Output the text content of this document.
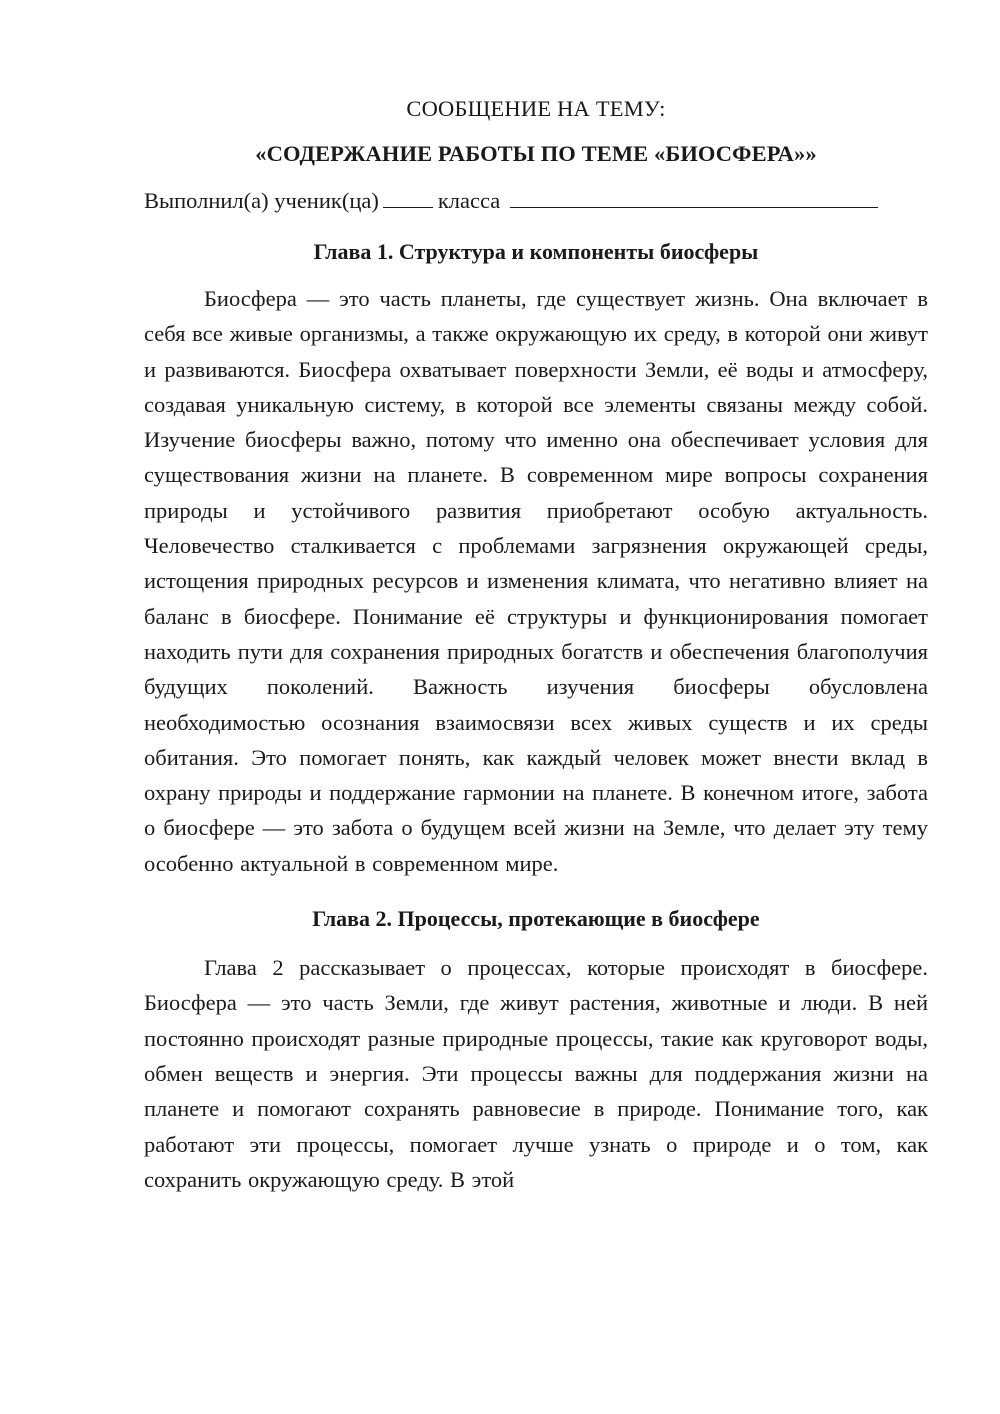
СООБЩЕНИЕ НА ТЕМУ:

«СОДЕРЖАНИЕ РАБОТЫ ПО ТЕМЕ «БИОСФЕРА»»

Выполнил(а) ученик(ца)	класса
Глава 1. Структура и компоненты биосферы

Биосфера — это часть планеты, где существует жизнь. Она включает в себя все живые организмы, а также окружающую их среду, в которой они живут и развиваются. Биосфера охватывает поверхности Земли, её воды и атмосферу, создавая уникальную систему, в которой все элементы связаны между собой. Изучение биосферы важно, потому что именно она обеспечивает условия для существования жизни на планете. В современном мире вопросы сохранения природы и устойчивого развития приобретают особую актуальность. Человечество сталкивается с проблемами загрязнения окружающей среды, истощения природных ресурсов и изменения климата, что негативно влияет на баланс в биосфере. Понимание её структуры и функционирования помогает находить пути для сохранения природных богатств и обеспечения благополучия будущих поколений. Важность изучения биосферы обусловлена необходимостью осознания взаимосвязи всех живых существ и их среды обитания. Это помогает понять, как каждый человек может внести вклад в охрану природы и поддержание гармонии на планете. В конечном итоге, забота о биосфере — это забота о будущем всей жизни на Земле, что делает эту тему особенно актуальной в современном мире.

Глава 2. Процессы, протекающие в биосфере

Глава 2 рассказывает о процессах, которые происходят в биосфере. Биосфера — это часть Земли, где живут растения, животные и люди. В ней постоянно происходят разные природные процессы, такие как круговорот воды, обмен веществ и энергия. Эти процессы важны для поддержания жизни на планете и помогают сохранять равновесие в природе. Понимание того, как работают эти процессы, помогает лучше узнать о природе и о том, как сохранить окружающую среду. В этой
